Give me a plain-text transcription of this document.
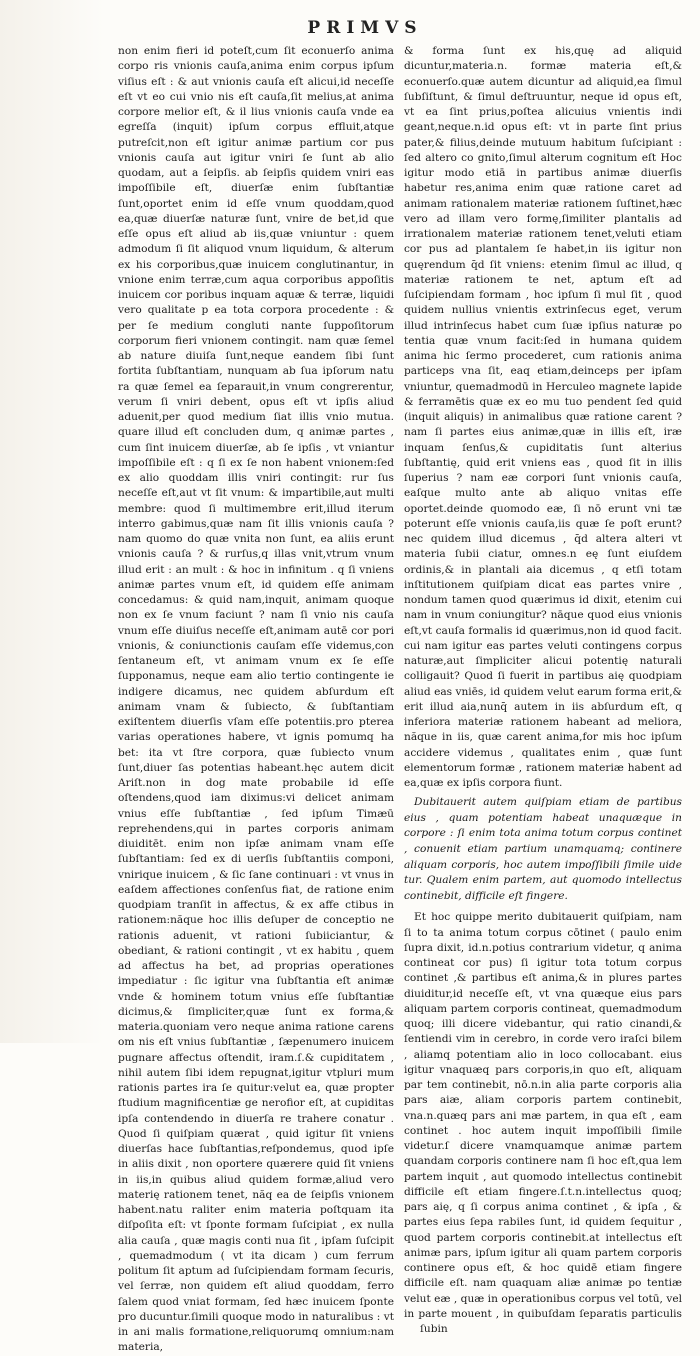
PRIMVS

non enim fieri id poteſt,cum ſit econuerſo anima corpo ris vnionis cauſa,anima enim corpus ipſum viſius eſt : & aut vnionis cauſa eſt alicui,id neceſſe eſt vt eo cui vnio nis eſt cauſa,ſit melius,at anima corpore melior eſt, & il lius vnionis cauſa vnde ea egreſſa (inquit) ipſum corpus effluit,atque putreſcit,non eſt igitur animæ partium cor pus vnionis cauſa aut igitur vniri ſe ſunt ab alio quodam, aut a ſeipſis. ab ſeipſis quidem vniri eas impoſſibile eſt, diuerſæ enim ſubſtantiæ ſunt,oportet enim id eſſe vnum quoddam,quod ea,quæ diuerſæ naturæ ſunt, vnire de bet,id que eſſe opus eſt aliud ab iis,quæ vniuntur : quem admodum ſi ſit aliquod vnum liquidum, & alterum ex his corporibus,quæ inuicem conglutinantur, in vnione enim terræ,cum aqua corporibus appoſitis inuicem cor poribus inquam aquæ & terræ, liquidi vero qualitate p ea tota corpora procedente : & per ſe medium congluti nante ſuppoſitorum corporum fieri vnionem contingit. nam quæ ſemel ab nature diuiſa ſunt,neque eandem ſibi ſunt fortita ſubſtantiam, nunquam ab ſua ipſorum natu ra quæ ſemel ea ſeparauit,in vnum congrerentur, verum ſi vniri debent, opus eſt vt ipſis aliud aduenit,per quod medium ſiat illis vnio mutua. quare illud eſt concluden dum, q animæ partes , cum ſint inuicem diuerſæ, ab ſe ipſis , vt vniantur impoſſibile eſt : q ſi ex ſe non habent vnionem:ſed ex alio quoddam illis vniri contingit: rur ſus neceſſe eſt,aut vt ſit vnum: & impartibile,aut multi membre: quod ſi multimembre erit,illud iterum interro gabimus,quæ nam ſit illis vnionis cauſa ? nam quomo do quæ vnita non ſunt, ea aliis erunt vnionis cauſa ? & rurſus,q illas vnit,vtrum vnum illud erit : an mult : & hoc in infinitum . q ſi vniens animæ partes vnum eſt, id quidem eſſe animam concedamus: & quid nam,inquit, animam quoque non ex ſe vnum faciunt ? nam ſi vnio nis cauſa vnum eſſe diuiſus neceſſe eſt,animam autē cor pori vnionis, & coniunctionis cauſam eſſe videmus,con ſentaneum eſt, vt animam vnum ex ſe eſſe ſupponamus, neque eam alio tertio contingente ie indigere dicamus, nec quidem abſurdum eſt animam vnam & ſubiecto, & ſubſtantiam exiſtentem diuerſis vſam eſſe potentiis.pro pterea varias operationes habere, vt ignis pomumq ha bet: ita vt ſtre corpora, quæ ſubiecto vnum ſunt,diuer ſas potentias habeant.hęc autem dicit Ariſt.non in dog mate probabile id eſſe oſtendens,quod iam diximus:vi delicet animam vnius eſſe ſubſtantiæ , ſed ipſum Timæū reprehendens,qui in partes corporis animam diuiditēt. enim non ipſæ animam vnam eſſe ſubſtantiam: ſed ex di uerſis ſubſtantiis componi, vnirique inuicem , & ſic ſane continuari : vt vnus in eaſdem affectiones conſenſus fiat, de ratione enim quodpiam tranſit in affectus, & ex affe ctibus in rationem:năque hoc illis deſuper de conceptio ne rationis aduenit, vt rationi ſubiiciantur, & obediant, & rationi contingit , vt ex habitu , quem ad affectus ha bet, ad proprias operationes impediatur : ſic igitur vna ſubſtantia eſt animæ vnde & hominem totum vnius eſſe ſubſtantiæ dicimus,& ſimpliciter,quæ ſunt ex forma,& materia.quoniam vero neque anima ratione carens om nis eſt vnius ſubſtantiæ , ſæpenumero inuicem pugnare affectus oſtendit, iram.ſ.& cupiditatem , nihil autem ſibi idem repugnat,igitur vtpluri mum rationis partes ira ſe quitur:velut ea, quæ propter ſtudium magnificentiæ ge nerofior eſt, at cupiditas ipſa contendendo in diuerſa re trahere conatur . Quod ſi quiſpiam quærat , quid igitur ſit vniens diuerſas hace ſubſtantias,reſpondemus, quod ipſe in aliis dixit , non oportere quærere quid ſit vniens in iis,in quibus aliud quidem formæ,aliud vero materię rationem tenet, năq ea de ſeipſis vnionem habent.natu raliter enim materia poſtquam ita diſpoſita eſt: vt ſponte formam ſuſcipiat , ex nulla alia cauſa , quæ magis conti nua ſit , ipſam ſuſcipit , quemadmodum ( vt ita dicam ) cum ferrum politum ſit aptum ad ſuſcipiendam formam ſecuris, vel ſerræ, non quidem eſt aliud quoddam, ferro ſalem quod vniat formam, ſed hæc inuicem ſponte pro ducuntur.ſimili quoque modo in naturalibus : vt in ani malis formatione,reliquorumq omnium:nam materia,

& forma ſunt ex his,quę ad aliquid dicuntur,materia.n. formæ materia eſt,& econuerſo.quæ autem dicuntur ad aliquid,ea ſimul ſubſiſtunt, & ſimul deſtruuntur, neque id opus eſt, vt ea ſint prius,poſtea alicuius vnientis indi geant,neque.n.id opus eſt: vt in parte ſint prius pater,& filius,deinde mutuum habitum ſuſcipiant : ſed altero co gnito,ſimul alterum cognitum eſt Hoc igitur modo etiā in partibus animæ diuerſis habetur res,anima enim quæ ratione caret ad animam rationalem materiæ rationem ſuſtinet,hæc vero ad illam vero formę,ſimiliter plantalis ad irrationalem materiæ rationem tenet,veluti etiam cor pus ad plantalem ſe habet,in iis igitur non quęrendum q̄d ſit vniens: etenim ſimul ac illud, q materiæ rationem te net, aptum eſt ad ſuſcipiendam formam , hoc ipſum ſi mul ſit , quod quidem nullius vnientis extrinſecus eget, verum illud intrinſecus habet cum ſuæ ipſius naturæ po tentia quæ vnum facit:ſed in humana quidem anima hic ſermo procederet, cum rationis anima particeps vna ſit, eaq etiam,deinceps per ipſam vniuntur, quemadmodū in Herculeo magnete lapide & ferramētis quæ ex eo mu tuo pendent ſed quid (inquit aliquis) in animalibus quæ ratione carent ? nam ſi partes eius animæ,quæ in illis eſt, iræ inquam ſenſus,& cupiditatis ſunt alterius ſubſtantię, quid erit vniens eas , quod ſit in illis ſuperius ? nam eæ corpori ſunt vnionis cauſa, eaſque multo ante ab aliquo vnitas eſſe oportet.deinde quomodo eæ, ſi nō erunt vni tæ poterunt eſſe vnionis cauſa,iis quæ ſe poſt erunt? nec quidem illud dicemus , q̄d altera alteri vt materia ſubii ciatur, omnes.n eę ſunt eiuſdem ordinis,& in plantali aia dicemus , q etſi totam inſtitutionem quiſpiam dicat eas partes vnire , nondum tamen quod quærimus id dixit, etenim cui nam in vnum coniungitur? nāque quod eius vnionis eſt,vt cauſa formalis id quærimus,non id quod facit. cui nam igitur eas partes veluti contingens corpus naturæ,aut ſimpliciter alicui potentię naturali colligauit? Quod ſi fuerit in partibus aię quodpiam aliud eas vniēs, id quidem velut earum forma erit,& erit illud aia,nunq̄ autem in iis abſurdum eſt, q inferiora materiæ rationem habeant ad meliora, năque in iis, quæ carent anima,for mis hoc ipſum accidere videmus , qualitates enim , quæ ſunt elementorum formæ , rationem materiæ habent ad ea,quæ ex ipſis corpora fiunt.

Dubitauerit autem quiſpiam etiam de partibus eius , quam potentiam habeat unaquæque in corpore : ſi enim tota anima totum corpus continet , conuenit etiam partium unamquamq; continere aliquam corporis, hoc autem impoſſibili ſimile uide tur. Qualem enim partem, aut quomodo intellectus continebit, difficile eſt fingere.

Et hoc quippe merito dubitauerit quiſpiam, nam ſi to ta anima totum corpus cōtinet ( paulo enim ſupra dixit, id.n.potius contrarium videtur, q anima contineat cor pus) ſi igitur tota totum corpus continet ,& partibus eſt anima,& in plures partes diuiditur,id neceſſe eſt, vt vna quæque eius pars aliquam partem corporis contineat, quemadmodum quoq; illi dicere videbantur, qui ratio cinandi,& ſentiendi vim in cerebro, in corde vero iraſci bilem , aliamq potentiam alio in loco collocabant. eius igitur vnaquæq pars corporis,in quo eſt, aliquam par tem continebit, nō.n.in alia parte corporis alia pars aiæ, aliam corporis partem continebit, vna.n.quæq pars ani mæ partem, in qua eſt , eam continet . hoc autem inquit impoſſibili ſimile videtur.ſ dicere vnamquamque animæ partem quandam corporis continere nam ſi hoc eſt,qua lem partem inquit , aut quomodo intellectus continebit difficile eſt etiam fingere.ſ.t.n.intellectus quoq; pars aię, q ſi corpus anima continet , & ipſa , & partes eius ſepa rabiles ſunt, id quidem ſequitur , quod partem corporis continebit.at intellectus eſt animæ pars, ipſum igitur ali quam partem corporis continere opus eſt, & hoc quidē etiam fingere difficile eſt. nam quaquam aliæ animæ po tentiæ velut eæ , quæ in operationibus corpus vel totū, vel in parte mouent , in quibuſdam ſeparatis particulis ſubin
